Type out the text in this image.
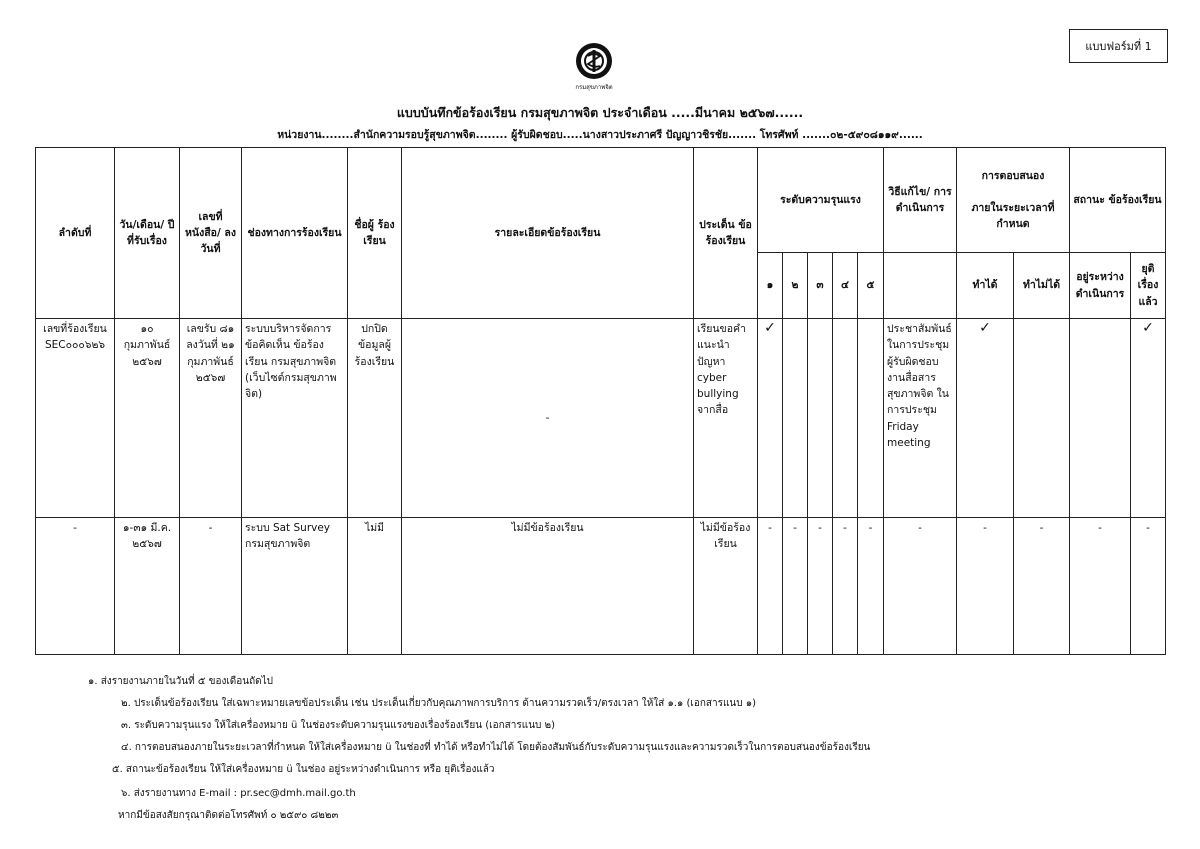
แบบฟอร์มที่ 1
กรมสุขภาพจิต
แบบบันทึกข้อร้องเรียน กรมสุขภาพจิต ประจำเดือน .....มีนาคม ๒๕๖๗......
หน่วยงาน........สำนักความรอบรู้สุขภาพจิต........ ผู้รับผิดชอบ.....นางสาวประภาศรี ปัญญาวชิรชัย....... โทรศัพท์ .......๐๒-๕๙๐๘๑๑๙......
ลำดับที่	วัน/เดือน/ ปีที่รับเรื่อง	เลขที่ หนังสือ/ ลงวันที่	ช่องทางการร้องเรียน	ชื่อผู้ ร้องเรียน	รายละเอียดข้อร้องเรียน	ประเด็น ข้อร้องเรียน	ระดับความรุนแรง					วิธีแก้ไข/ การดำเนินการ	การตอบสนอง
ภายในระยะเวลาที่กำหนด		สถานะ ข้อร้องเรียน	
							๑	๒	๓	๔	๕		ทำได้	ทำไม่ได้	อยู่ระหว่าง ดำเนินการ	ยุติเรื่อง แล้ว
เลขที่ร้องเรียน SEC๐๐๐๖๒๖	๑๐ กุมภาพันธ์ ๒๕๖๗	เลขรับ ๘๑ ลงวันที่ ๒๑ กุมภาพันธ์ ๒๕๖๗	ระบบบริหารจัดการข้อคิดเห็น ข้อร้องเรียน กรมสุขภาพจิต (เว็บไซต์กรมสุขภาพจิต)	ปกปิดข้อมูลผู้ร้องเรียน	-	เรียนขอคำแนะนำปัญหา cyber bullying จากสื่อ	✓					ประชาสัมพันธ์ในการประชุมผู้รับผิดชอบงานสื่อสารสุขภาพจิต ในการประชุม Friday meeting	✓			✓
-	๑-๓๑ มี.ค. ๒๕๖๗	-	ระบบ Sat Survey กรมสุขภาพจิต	ไม่มี	ไม่มีข้อร้องเรียน	ไม่มีข้อร้องเรียน	-	-	-	-	-	-	-	-	-	-
๑. ส่งรายงานภายในวันที่ ๕ ของเดือนถัดไป
๒. ประเด็นข้อร้องเรียน ใส่เฉพาะหมายเลขข้อประเด็น เช่น ประเด็นเกี่ยวกับคุณภาพการบริการ ด้านความรวดเร็ว/ตรงเวลา ให้ใส่ ๑.๑ (เอกสารแนบ ๑)
๓. ระดับความรุนแรง ให้ใส่เครื่องหมาย ü ในช่องระดับความรุนแรงของเรื่องร้องเรียน (เอกสารแนบ ๒)
๔. การตอบสนองภายในระยะเวลาที่กำหนด ให้ใส่เครื่องหมาย ü ในช่องที่ ทำได้ หรือทำไม่ได้ โดยต้องสัมพันธ์กับระดับความรุนแรงและความรวดเร็วในการตอบสนองข้อร้องเรียน
๕. สถานะข้อร้องเรียน ให้ใส่เครื่องหมาย ü ในช่อง อยู่ระหว่างดำเนินการ หรือ ยุติเรื่องแล้ว
๖. ส่งรายงานทาง E-mail : pr.sec@dmh.mail.go.th
หากมีข้อสงสัยกรุณาติดต่อโทรศัพท์ ๐ ๒๕๙๐ ๘๒๒๓
